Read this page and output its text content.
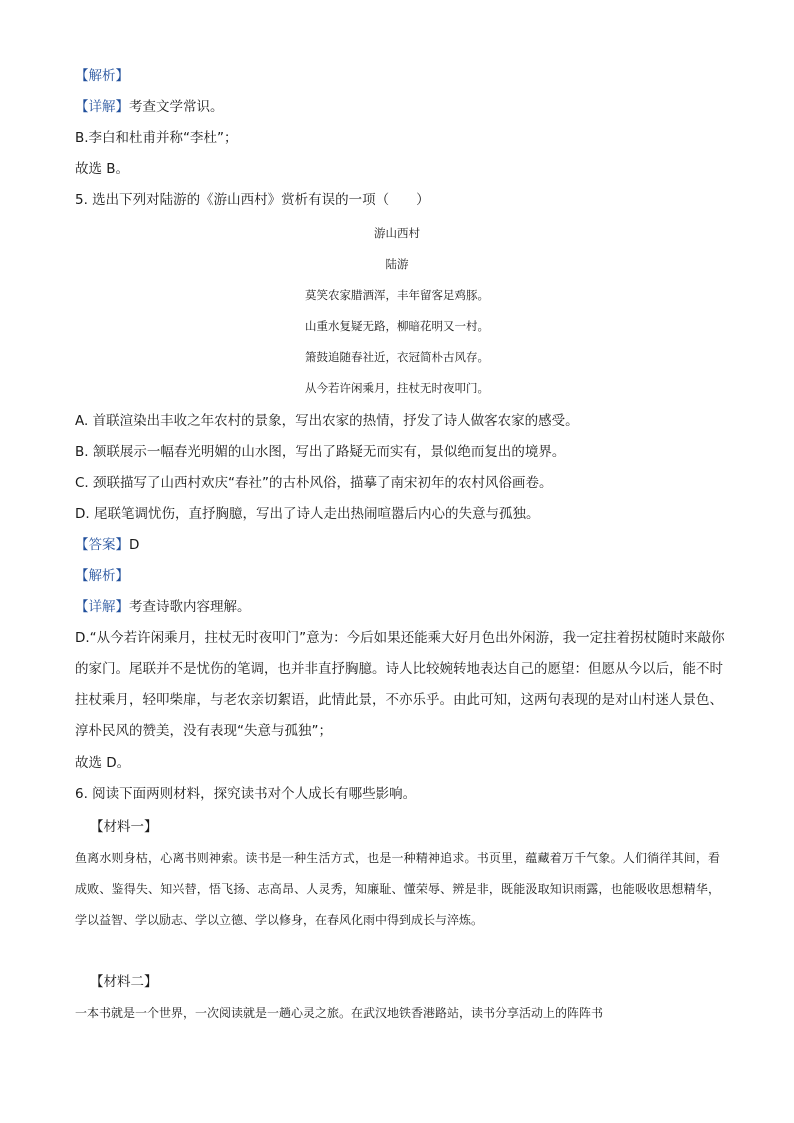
【解析】
【详解】考查文学常识。
B.李白和杜甫并称“李杜”；
故选 B。
5. 选出下列对陆游的《游山西村》赏析有误的一项（　　）
游山西村
陆游
莫笑农家腊酒浑，丰年留客足鸡豚。
山重水复疑无路，柳暗花明又一村。
箫鼓追随春社近，衣冠简朴古风存。
从今若许闲乘月，拄杖无时夜叩门。
A. 首联渲染出丰收之年农村的景象，写出农家的热情，抒发了诗人做客农家的感受。
B. 颔联展示一幅春光明媚的山水图，写出了路疑无而实有，景似绝而复出的境界。
C. 颈联描写了山西村欢庆“春社”的古朴风俗，描摹了南宋初年的农村风俗画卷。
D. 尾联笔调忧伤，直抒胸臆，写出了诗人走出热闹喧嚣后内心的失意与孤独。
【答案】D
【解析】
【详解】考查诗歌内容理解。
D.“从今若许闲乘月，拄杖无时夜叩门”意为：今后如果还能乘大好月色出外闲游，我一定拄着拐杖随时来敲你的家门。尾联并不是忧伤的笔调，也并非直抒胸臆。诗人比较婉转地表达自己的愿望：但愿从今以后，能不时拄杖乘月，轻叩柴扉，与老农亲切絮语，此情此景，不亦乐乎。由此可知，这两句表现的是对山村迷人景色、淳朴民风的赞美，没有表现“失意与孤独”；
故选 D。
6. 阅读下面两则材料，探究读书对个人成长有哪些影响。
【材料一】
鱼离水则身枯，心离书则神索。读书是一种生活方式，也是一种精神追求。书页里，蕴藏着万千气象。人们徜徉其间，看成败、鉴得失、知兴替，悟飞扬、志高昂、人灵秀，知廉耻、懂荣辱、辨是非，既能汲取知识雨露，也能吸收思想精华，学以益智、学以励志、学以立德、学以修身，在春风化雨中得到成长与淬炼。
【材料二】
一本书就是一个世界，一次阅读就是一趟心灵之旅。在武汉地铁香港路站，读书分享活动上的阵阵书
